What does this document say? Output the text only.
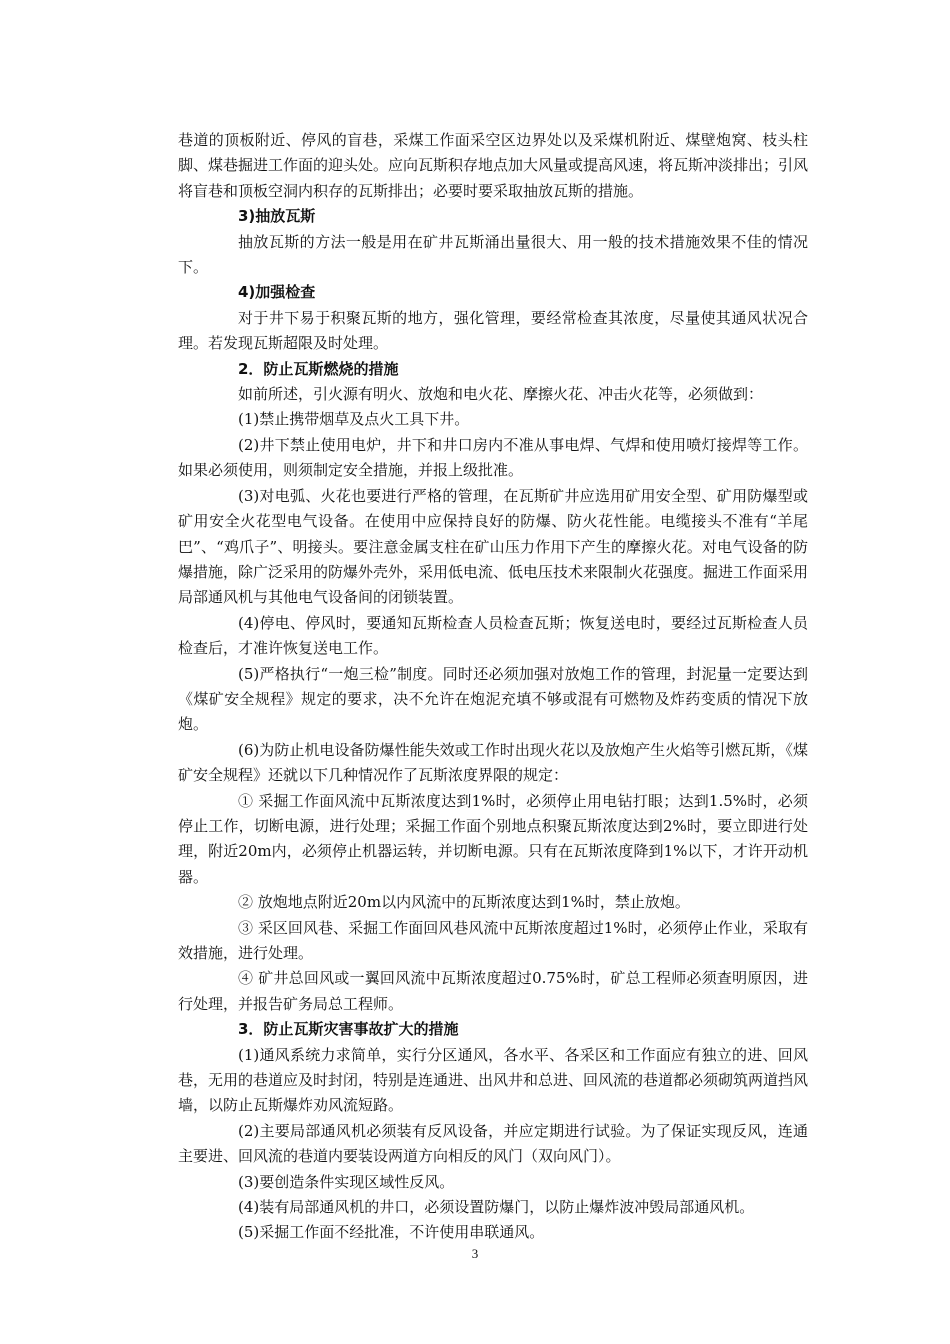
巷道的顶板附近、停风的盲巷，采煤工作面采空区边界处以及采煤机附近、煤壁炮窝、枝头柱脚、煤巷掘进工作面的迎头处。应向瓦斯积存地点加大风量或提高风速，将瓦斯冲淡排出；引风将盲巷和顶板空洞内积存的瓦斯排出；必要时要采取抽放瓦斯的措施。

3)抽放瓦斯

抽放瓦斯的方法一般是用在矿井瓦斯涌出量很大、用一般的技术措施效果不佳的情况下。

4)加强检查

对于井下易于积聚瓦斯的地方，强化管理，要经常检查其浓度，尽量使其通风状况合理。若发现瓦斯超限及时处理。

2．防止瓦斯燃烧的措施

如前所述，引火源有明火、放炮和电火花、摩擦火花、冲击火花等，必须做到：

(1)禁止携带烟草及点火工具下井。

(2)井下禁止使用电炉，井下和井口房内不准从事电焊、气焊和使用喷灯接焊等工作。如果必须使用，则须制定安全措施，并报上级批准。

(3)对电弧、火花也要进行严格的管理，在瓦斯矿井应选用矿用安全型、矿用防爆型或矿用安全火花型电气设备。在使用中应保持良好的防爆、防火花性能。电缆接头不准有“羊尾巴”、“鸡爪子”、明接头。要注意金属支柱在矿山压力作用下产生的摩擦火花。对电气设备的防爆措施，除广泛采用的防爆外壳外，采用低电流、低电压技术来限制火花强度。掘进工作面采用局部通风机与其他电气设备间的闭锁装置。

(4)停电、停风时，要通知瓦斯检查人员检查瓦斯；恢复送电时，要经过瓦斯检查人员检查后，才准许恢复送电工作。

(5)严格执行“一炮三检”制度。同时还必须加强对放炮工作的管理，封泥量一定要达到《煤矿安全规程》规定的要求，决不允许在炮泥充填不够或混有可燃物及炸药变质的情况下放炮。

(6)为防止机电设备防爆性能失效或工作时出现火花以及放炮产生火焰等引燃瓦斯，《煤矿安全规程》还就以下几种情况作了瓦斯浓度界限的规定：

① 采掘工作面风流中瓦斯浓度达到1%时，必须停止用电钻打眼；达到1.5%时，必须停止工作，切断电源，进行处理；采掘工作面个别地点积聚瓦斯浓度达到2%时，要立即进行处理，附近20m内，必须停止机器运转，并切断电源。只有在瓦斯浓度降到1%以下，才许开动机器。

② 放炮地点附近20m以内风流中的瓦斯浓度达到1%时，禁止放炮。

③ 采区回风巷、采掘工作面回风巷风流中瓦斯浓度超过1%时，必须停止作业，采取有效措施，进行处理。

④ 矿井总回风或一翼回风流中瓦斯浓度超过0.75%时，矿总工程师必须查明原因，进行处理，并报告矿务局总工程师。

3．防止瓦斯灾害事故扩大的措施

(1)通风系统力求简单，实行分区通风，各水平、各采区和工作面应有独立的进、回风巷，无用的巷道应及时封闭，特别是连通进、出风井和总进、回风流的巷道都必须砌筑两道挡风墙，以防止瓦斯爆炸劝风流短路。

(2)主要局部通风机必须装有反风设备，并应定期进行试验。为了保证实现反风，连通主要进、回风流的巷道内要装设两道方向相反的风门（双向风门）。

(3)要创造条件实现区域性反风。

(4)装有局部通风机的井口，必须设置防爆门，以防止爆炸波冲毁局部通风机。

(5)采掘工作面不经批准，不许使用串联通风。

3
